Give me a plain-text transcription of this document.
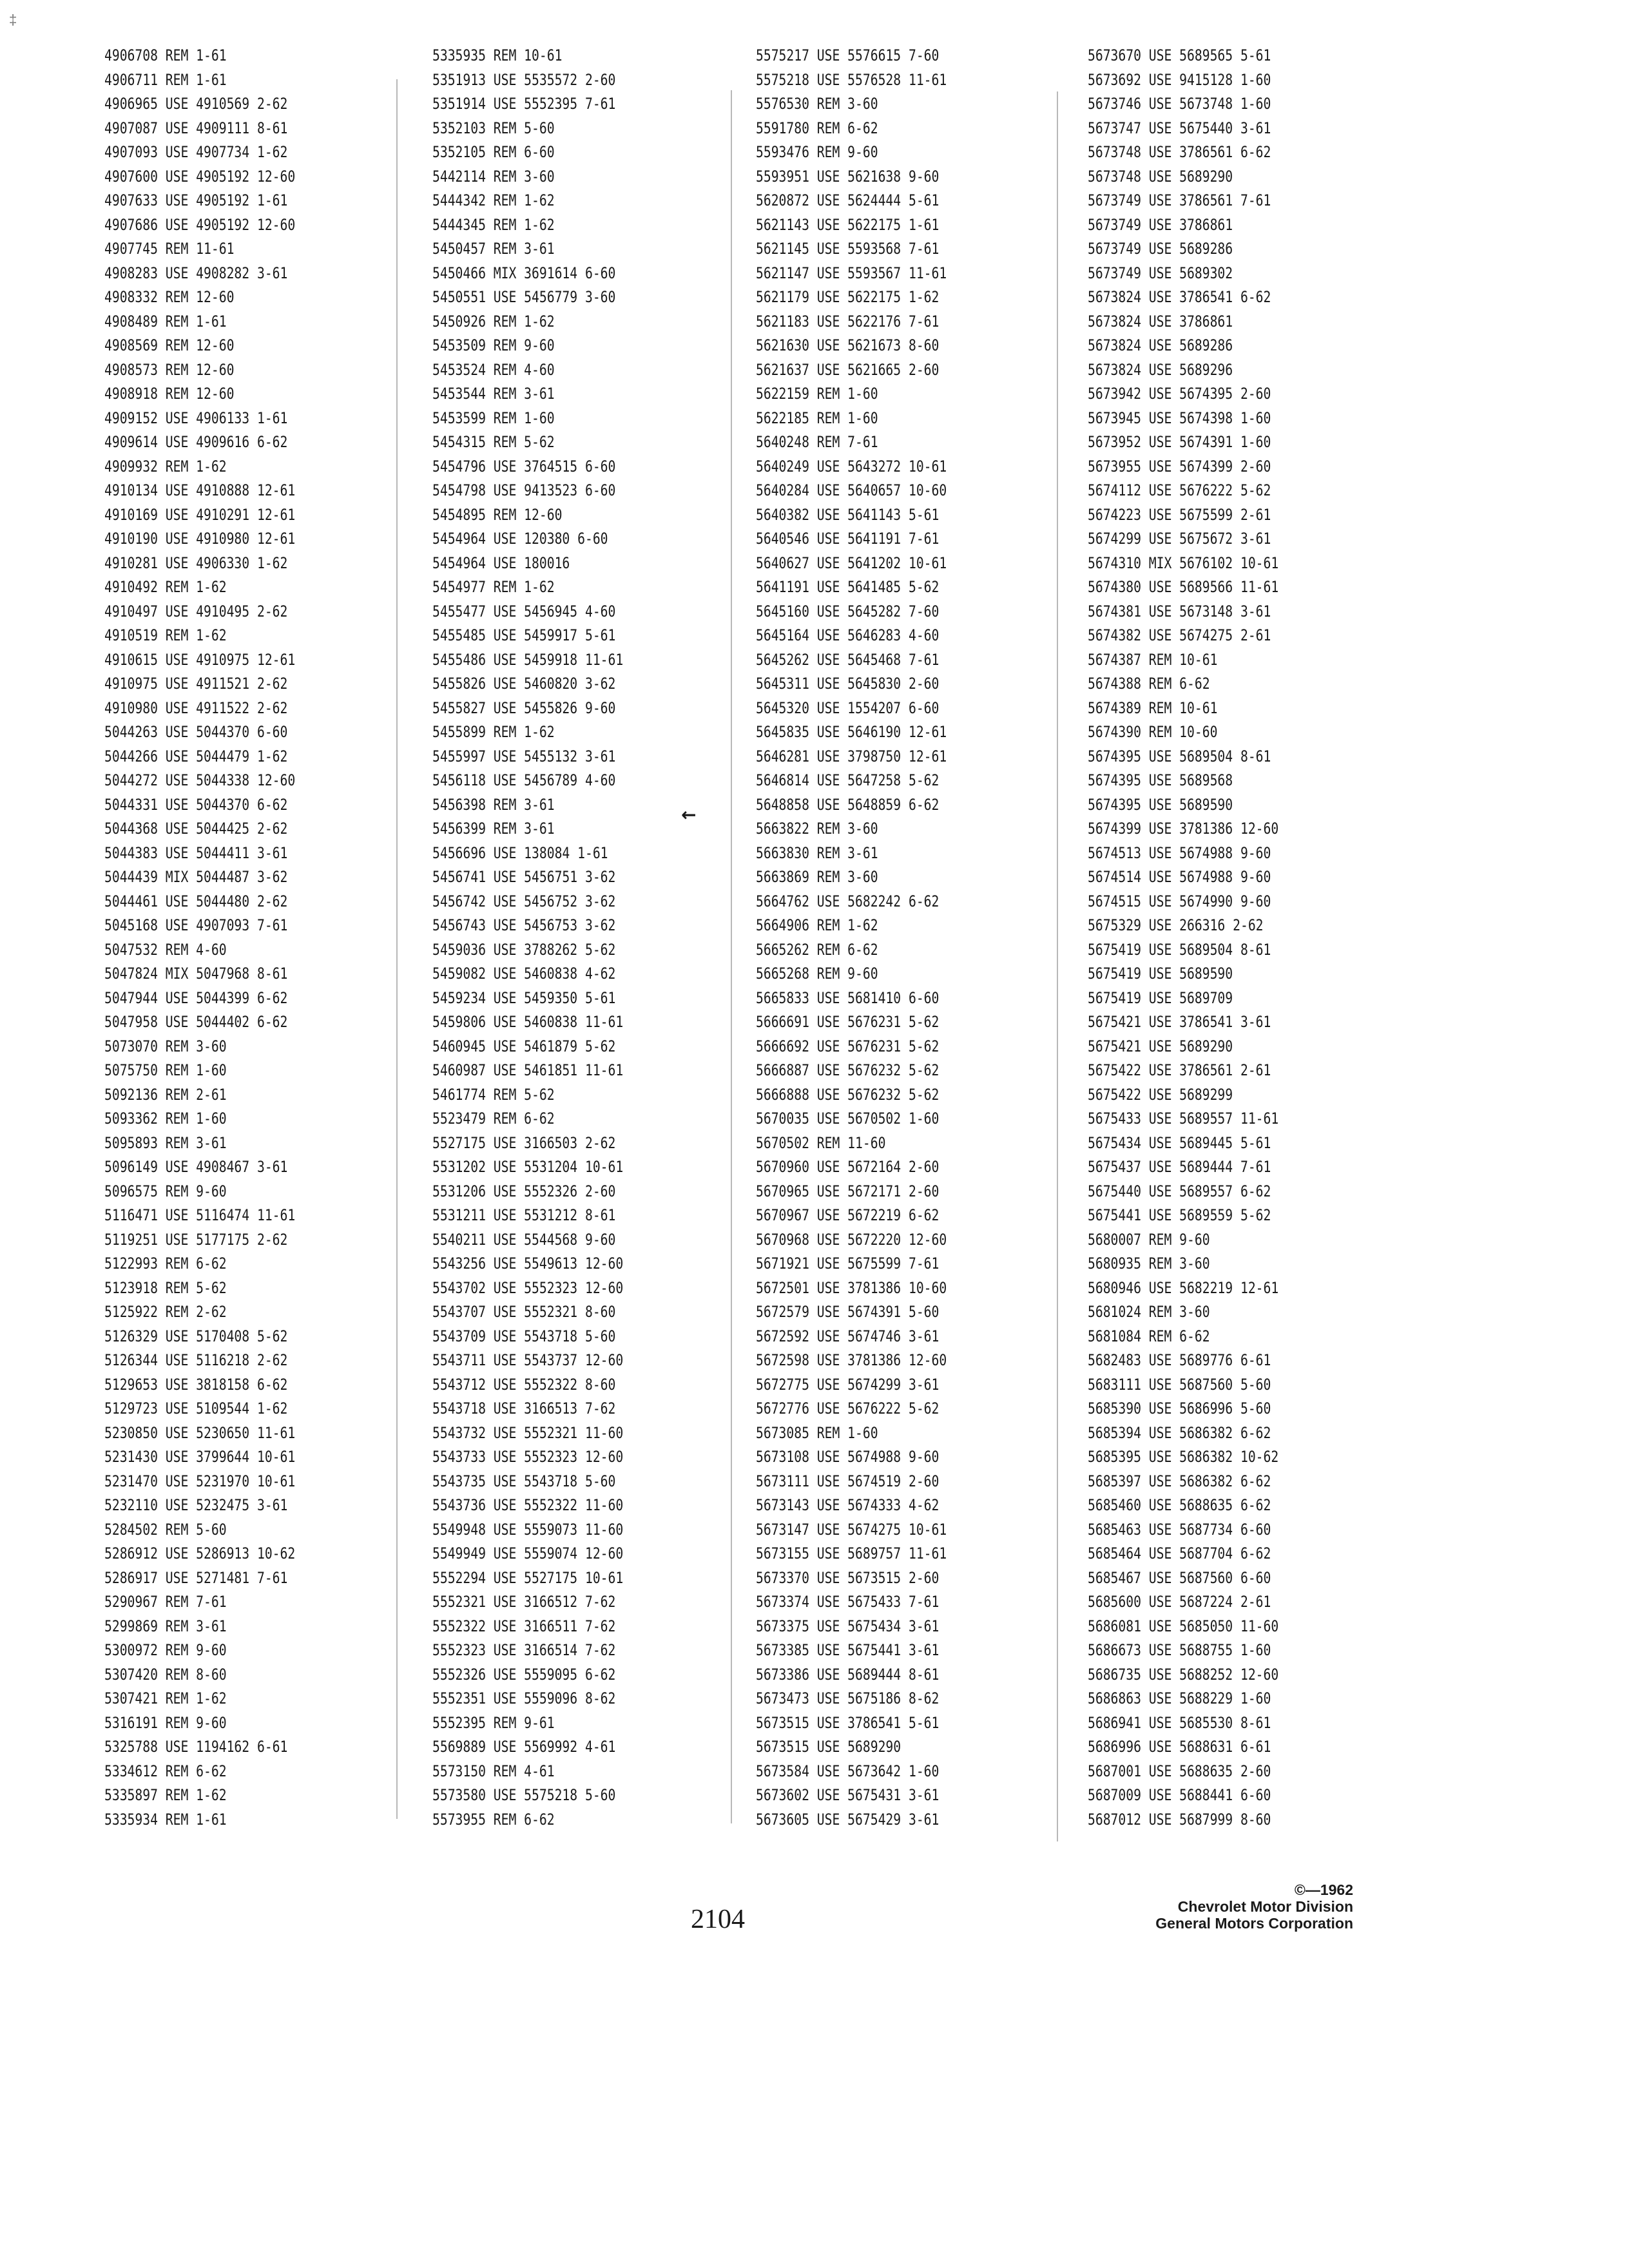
‡
4906708 REM 1-61
4906711 REM 1-61
4906965 USE 4910569 2-62
4907087 USE 4909111 8-61
4907093 USE 4907734 1-62
4907600 USE 4905192 12-60
4907633 USE 4905192 1-61
4907686 USE 4905192 12-60
4907745 REM 11-61
4908283 USE 4908282 3-61
4908332 REM 12-60
4908489 REM 1-61
4908569 REM 12-60
4908573 REM 12-60
4908918 REM 12-60
4909152 USE 4906133 1-61
4909614 USE 4909616 6-62
4909932 REM 1-62
4910134 USE 4910888 12-61
4910169 USE 4910291 12-61
4910190 USE 4910980 12-61
4910281 USE 4906330 1-62
4910492 REM 1-62
4910497 USE 4910495 2-62
4910519 REM 1-62
4910615 USE 4910975 12-61
4910975 USE 4911521 2-62
4910980 USE 4911522 2-62
5044263 USE 5044370 6-60
5044266 USE 5044479 1-62
5044272 USE 5044338 12-60
5044331 USE 5044370 6-62
5044368 USE 5044425 2-62
5044383 USE 5044411 3-61
5044439 MIX 5044487 3-62
5044461 USE 5044480 2-62
5045168 USE 4907093 7-61
5047532 REM 4-60
5047824 MIX 5047968 8-61
5047944 USE 5044399 6-62
5047958 USE 5044402 6-62
5073070 REM 3-60
5075750 REM 1-60
5092136 REM 2-61
5093362 REM 1-60
5095893 REM 3-61
5096149 USE 4908467 3-61
5096575 REM 9-60
5116471 USE 5116474 11-61
5119251 USE 5177175 2-62
5122993 REM 6-62
5123918 REM 5-62
5125922 REM 2-62
5126329 USE 5170408 5-62
5126344 USE 5116218 2-62
5129653 USE 3818158 6-62
5129723 USE 5109544 1-62
5230850 USE 5230650 11-61
5231430 USE 3799644 10-61
5231470 USE 5231970 10-61
5232110 USE 5232475 3-61
5284502 REM 5-60
5286912 USE 5286913 10-62
5286917 USE 5271481 7-61
5290967 REM 7-61
5299869 REM 3-61
5300972 REM 9-60
5307420 REM 8-60
5307421 REM 1-62
5316191 REM 9-60
5325788 USE 1194162 6-61
5334612 REM 6-62
5335897 REM 1-62
5335934 REM 1-61
5335935 REM 10-61
5351913 USE 5535572 2-60
5351914 USE 5552395 7-61
5352103 REM 5-60
5352105 REM 6-60
5442114 REM 3-60
5444342 REM 1-62
5444345 REM 1-62
5450457 REM 3-61
5450466 MIX 3691614 6-60
5450551 USE 5456779 3-60
5450926 REM 1-62
5453509 REM 9-60
5453524 REM 4-60
5453544 REM 3-61
5453599 REM 1-60
5454315 REM 5-62
5454796 USE 3764515 6-60
5454798 USE 9413523 6-60
5454895 REM 12-60
5454964 USE 120380 6-60
5454964 USE 180016
5454977 REM 1-62
5455477 USE 5456945 4-60
5455485 USE 5459917 5-61
5455486 USE 5459918 11-61
5455826 USE 5460820 3-62
5455827 USE 5455826 9-60
5455899 REM 1-62
5455997 USE 5455132 3-61
5456118 USE 5456789 4-60
5456398 REM 3-61
5456399 REM 3-61
5456696 USE 138084 1-61
5456741 USE 5456751 3-62
5456742 USE 5456752 3-62
5456743 USE 5456753 3-62
5459036 USE 3788262 5-62
5459082 USE 5460838 4-62
5459234 USE 5459350 5-61
5459806 USE 5460838 11-61
5460945 USE 5461879 5-62
5460987 USE 5461851 11-61
5461774 REM 5-62
5523479 REM 6-62
5527175 USE 3166503 2-62
5531202 USE 5531204 10-61
5531206 USE 5552326 2-60
5531211 USE 5531212 8-61
5540211 USE 5544568 9-60
5543256 USE 5549613 12-60
5543702 USE 5552323 12-60
5543707 USE 5552321 8-60
5543709 USE 5543718 5-60
5543711 USE 5543737 12-60
5543712 USE 5552322 8-60
5543718 USE 3166513 7-62
5543732 USE 5552321 11-60
5543733 USE 5552323 12-60
5543735 USE 5543718 5-60
5543736 USE 5552322 11-60
5549948 USE 5559073 11-60
5549949 USE 5559074 12-60
5552294 USE 5527175 10-61
5552321 USE 3166512 7-62
5552322 USE 3166511 7-62
5552323 USE 3166514 7-62
5552326 USE 5559095 6-62
5552351 USE 5559096 8-62
5552395 REM 9-61
5569889 USE 5569992 4-61
5573150 REM 4-61
5573580 USE 5575218 5-60
5573955 REM 6-62
5575217 USE 5576615 7-60
5575218 USE 5576528 11-61
5576530 REM 3-60
5591780 REM 6-62
5593476 REM 9-60
5593951 USE 5621638 9-60
5620872 USE 5624444 5-61
5621143 USE 5622175 1-61
5621145 USE 5593568 7-61
5621147 USE 5593567 11-61
5621179 USE 5622175 1-62
5621183 USE 5622176 7-61
5621630 USE 5621673 8-60
5621637 USE 5621665 2-60
5622159 REM 1-60
5622185 REM 1-60
5640248 REM 7-61
5640249 USE 5643272 10-61
5640284 USE 5640657 10-60
5640382 USE 5641143 5-61
5640546 USE 5641191 7-61
5640627 USE 5641202 10-61
5641191 USE 5641485 5-62
5645160 USE 5645282 7-60
5645164 USE 5646283 4-60
5645262 USE 5645468 7-61
5645311 USE 5645830 2-60
5645320 USE 1554207 6-60
5645835 USE 5646190 12-61
5646281 USE 3798750 12-61
5646814 USE 5647258 5-62
5648858 USE 5648859 6-62
5663822 REM 3-60
5663830 REM 3-61
5663869 REM 3-60
5664762 USE 5682242 6-62
5664906 REM 1-62
5665262 REM 6-62
5665268 REM 9-60
5665833 USE 5681410 6-60
5666691 USE 5676231 5-62
5666692 USE 5676231 5-62
5666887 USE 5676232 5-62
5666888 USE 5676232 5-62
5670035 USE 5670502 1-60
5670502 REM 11-60
5670960 USE 5672164 2-60
5670965 USE 5672171 2-60
5670967 USE 5672219 6-62
5670968 USE 5672220 12-60
5671921 USE 5675599 7-61
5672501 USE 3781386 10-60
5672579 USE 5674391 5-60
5672592 USE 5674746 3-61
5672598 USE 3781386 12-60
5672775 USE 5674299 3-61
5672776 USE 5676222 5-62
5673085 REM 1-60
5673108 USE 5674988 9-60
5673111 USE 5674519 2-60
5673143 USE 5674333 4-62
5673147 USE 5674275 10-61
5673155 USE 5689757 11-61
5673370 USE 5673515 2-60
5673374 USE 5675433 7-61
5673375 USE 5675434 3-61
5673385 USE 5675441 3-61
5673386 USE 5689444 8-61
5673473 USE 5675186 8-62
5673515 USE 3786541 5-61
5673515 USE 5689290
5673584 USE 5673642 1-60
5673602 USE 5675431 3-61
5673605 USE 5675429 3-61
5673670 USE 5689565 5-61
5673692 USE 9415128 1-60
5673746 USE 5673748 1-60
5673747 USE 5675440 3-61
5673748 USE 3786561 6-62
5673748 USE 5689290
5673749 USE 3786561 7-61
5673749 USE 3786861
5673749 USE 5689286
5673749 USE 5689302
5673824 USE 3786541 6-62
5673824 USE 3786861
5673824 USE 5689286
5673824 USE 5689296
5673942 USE 5674395 2-60
5673945 USE 5674398 1-60
5673952 USE 5674391 1-60
5673955 USE 5674399 2-60
5674112 USE 5676222 5-62
5674223 USE 5675599 2-61
5674299 USE 5675672 3-61
5674310 MIX 5676102 10-61
5674380 USE 5689566 11-61
5674381 USE 5673148 3-61
5674382 USE 5674275 2-61
5674387 REM 10-61
5674388 REM 6-62
5674389 REM 10-61
5674390 REM 10-60
5674395 USE 5689504 8-61
5674395 USE 5689568
5674395 USE 5689590
5674399 USE 3781386 12-60
5674513 USE 5674988 9-60
5674514 USE 5674988 9-60
5674515 USE 5674990 9-60
5675329 USE 266316 2-62
5675419 USE 5689504 8-61
5675419 USE 5689590
5675419 USE 5689709
5675421 USE 3786541 3-61
5675421 USE 5689290
5675422 USE 3786561 2-61
5675422 USE 5689299
5675433 USE 5689557 11-61
5675434 USE 5689445 5-61
5675437 USE 5689444 7-61
5675440 USE 5689557 6-62
5675441 USE 5689559 5-62
5680007 REM 9-60
5680935 REM 3-60
5680946 USE 5682219 12-61
5681024 REM 3-60
5681084 REM 6-62
5682483 USE 5689776 6-61
5683111 USE 5687560 5-60
5685390 USE 5686996 5-60
5685394 USE 5686382 6-62
5685395 USE 5686382 10-62
5685397 USE 5686382 6-62
5685460 USE 5688635 6-62
5685463 USE 5687734 6-60
5685464 USE 5687704 6-62
5685467 USE 5687560 6-60
5685600 USE 5687224 2-61
5686081 USE 5685050 11-60
5686673 USE 5688755 1-60
5686735 USE 5688252 12-60
5686863 USE 5688229 1-60
5686941 USE 5685530 8-61
5686996 USE 5688631 6-61
5687001 USE 5688635 2-60
5687009 USE 5688441 6-60
5687012 USE 5687999 8-60
←
2104
©—1962
Chevrolet Motor Division
General Motors Corporation
